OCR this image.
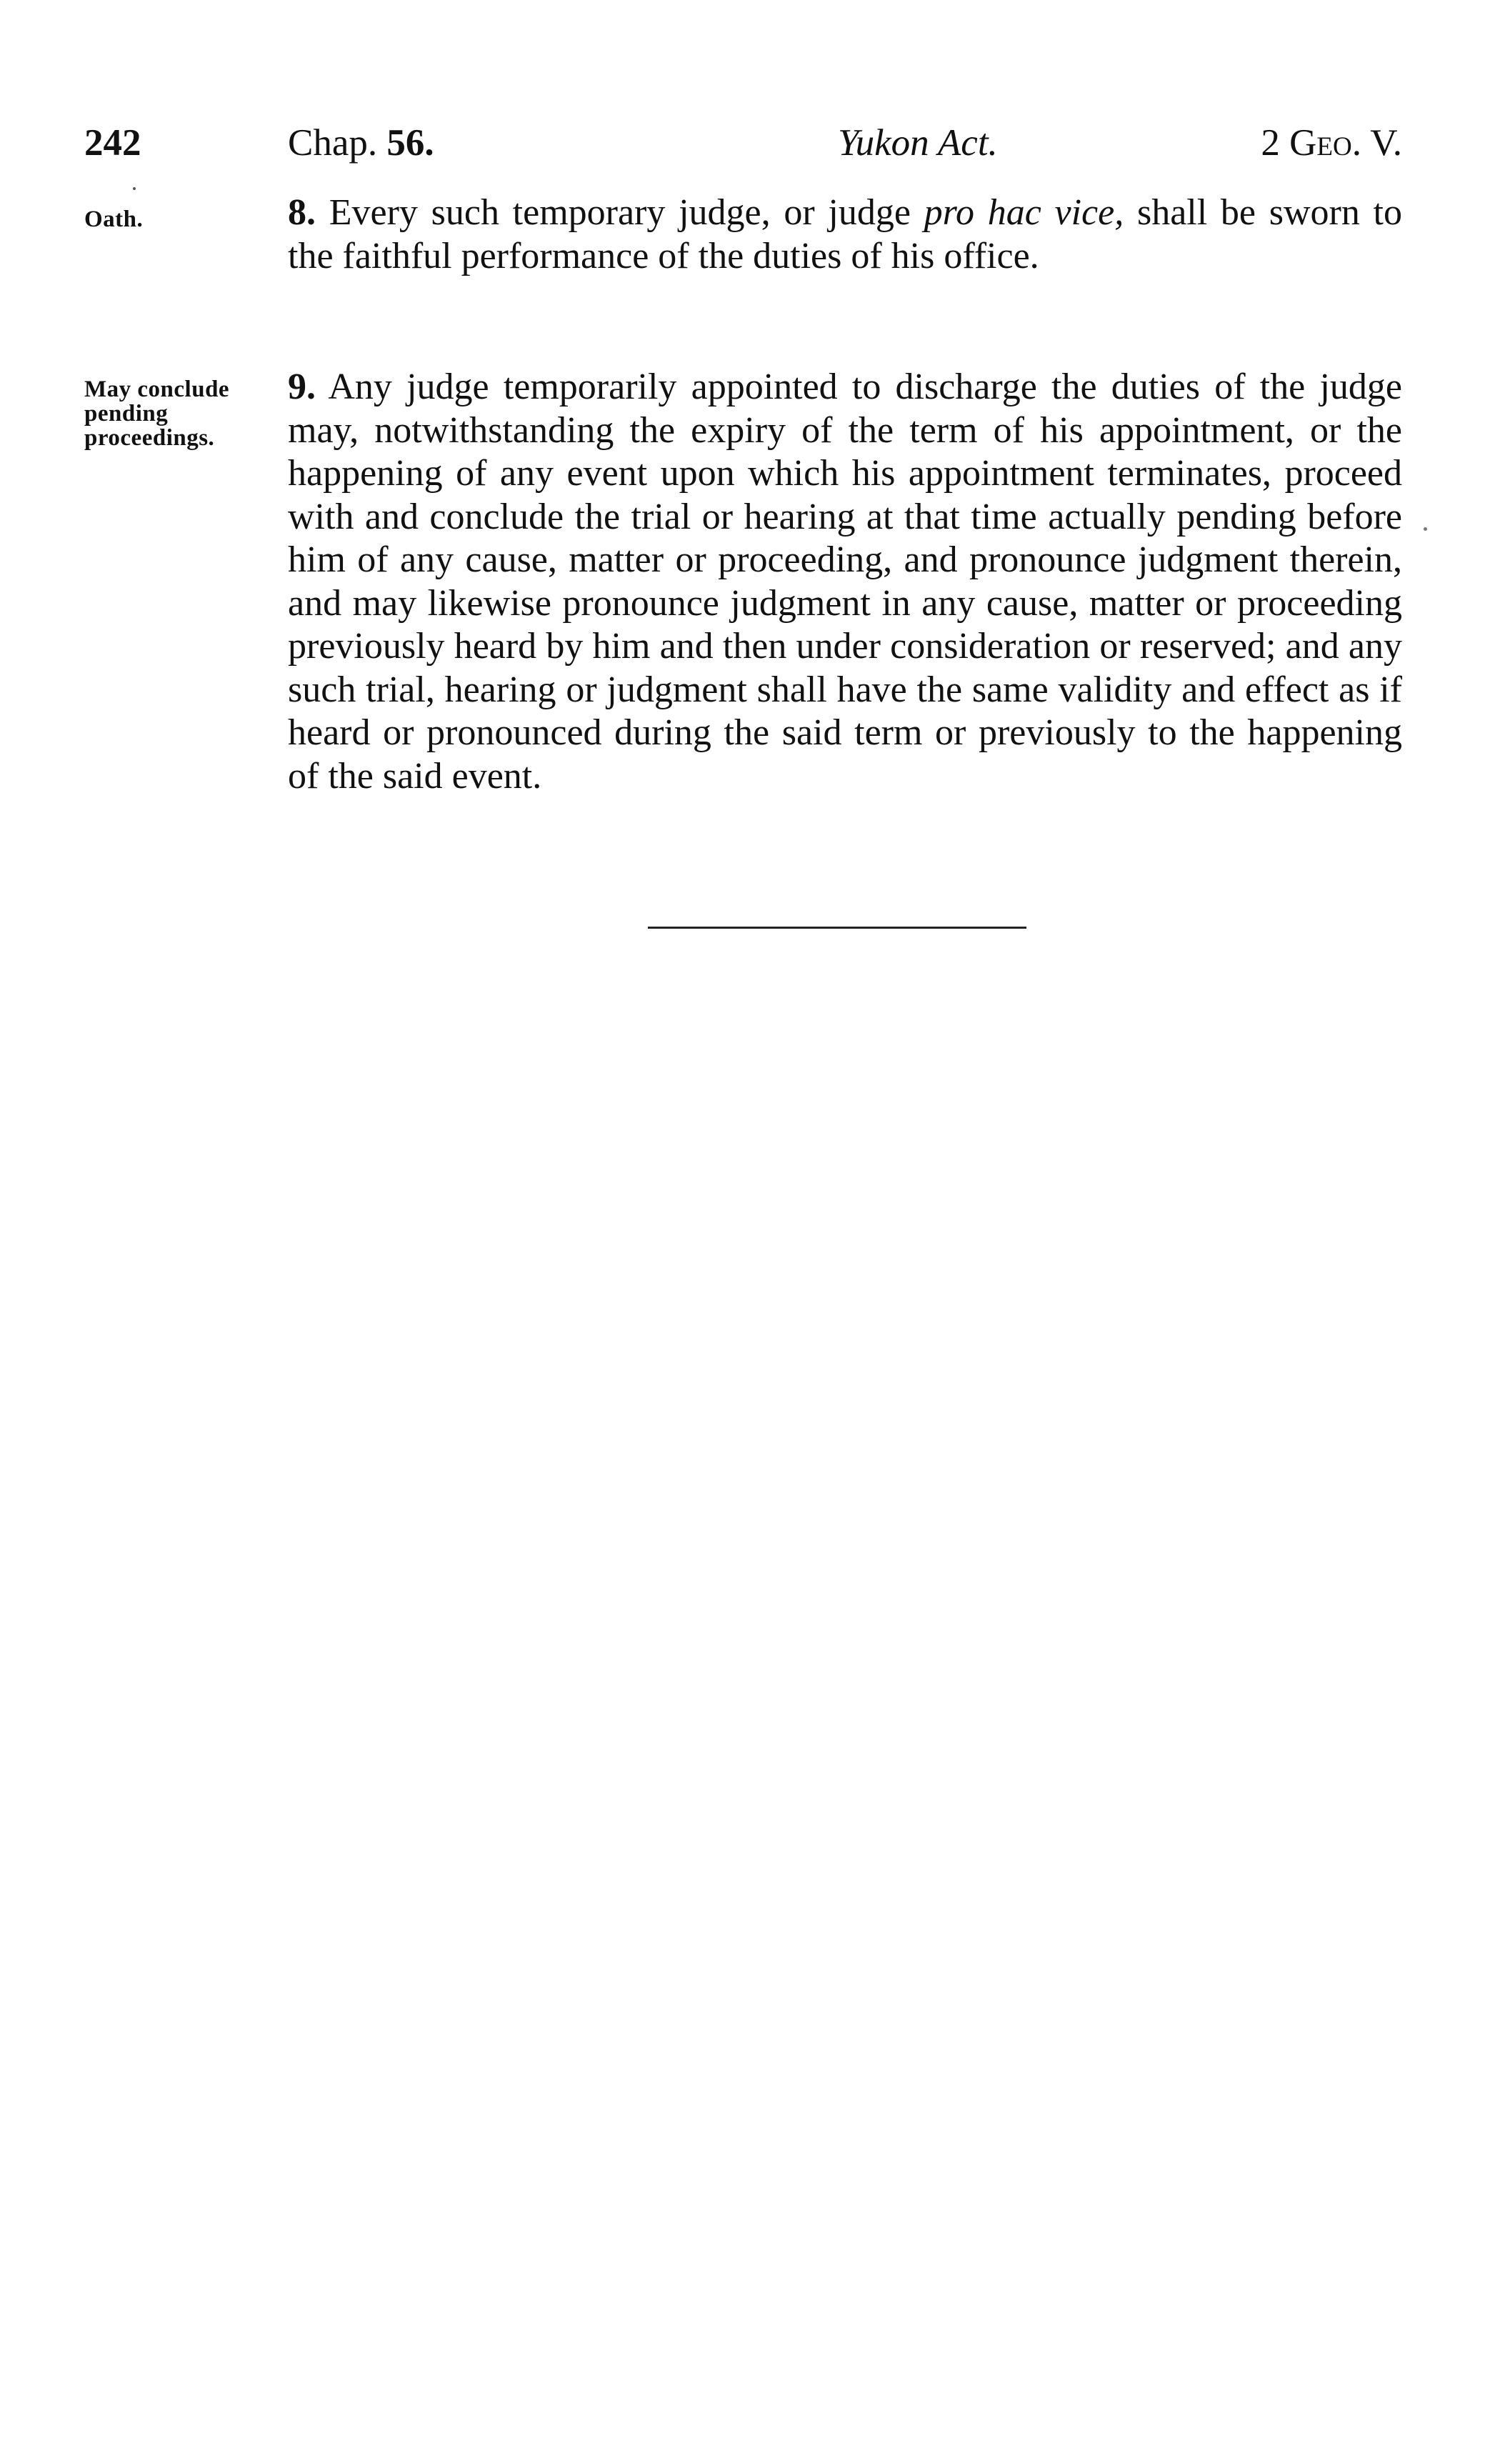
242	Chap. 56.	Yukon Act.	2 Geo. V.
Oath.	8. Every such temporary judge, or judge pro hac vice, shall be sworn to the faithful performance of the duties of his office.
May conclude
pending
proceedings.
9. Any judge temporarily appointed to discharge the duties of the judge may, notwithstanding the expiry of the term of his appointment, or the happening of any event upon which his appointment terminates, proceed with and conclude the trial or hearing at that time actually pending before him of any cause, matter or proceeding, and pronounce judgment therein, and may likewise pronounce judgment in any cause, matter or proceeding previously heard by him and then under consideration or reserved; and any such trial, hearing or judgment shall have the same validity and effect as if heard or pronounced during the said term or previously to the happening of the said event.
